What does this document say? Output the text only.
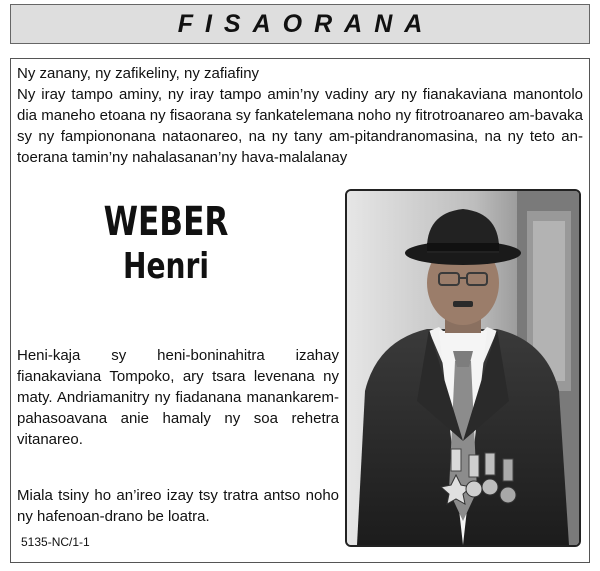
FISAORANA

Ny zanany, ny zafikeliny, ny zafiafiny

Ny iray tampo aminy, ny iray tampo amin’ny vadiny ary ny fianakaviana manontolo dia maneho etoana ny fisaorana sy fankatelemana noho ny fitrotroanareo am-bavaka sy ny fampiononana nataonareo, na ny tany am-pitandranomasina, na ny teto an-toerana tamin’ny nahalasanan’ny hava-malalanay

WEBER
Henri

Heni-kaja sy heni-boninahitra izahay fianakaviana Tompoko, ary tsara levenana ny maty. Andriamanitry ny fiadanana manankarem-pahasoavana anie hamaly ny soa rehetra vitanareo.

Miala tsiny ho an’ireo izay tsy tratra antso noho ny hafenoan-drano be loatra.

5135-NC/1-1
